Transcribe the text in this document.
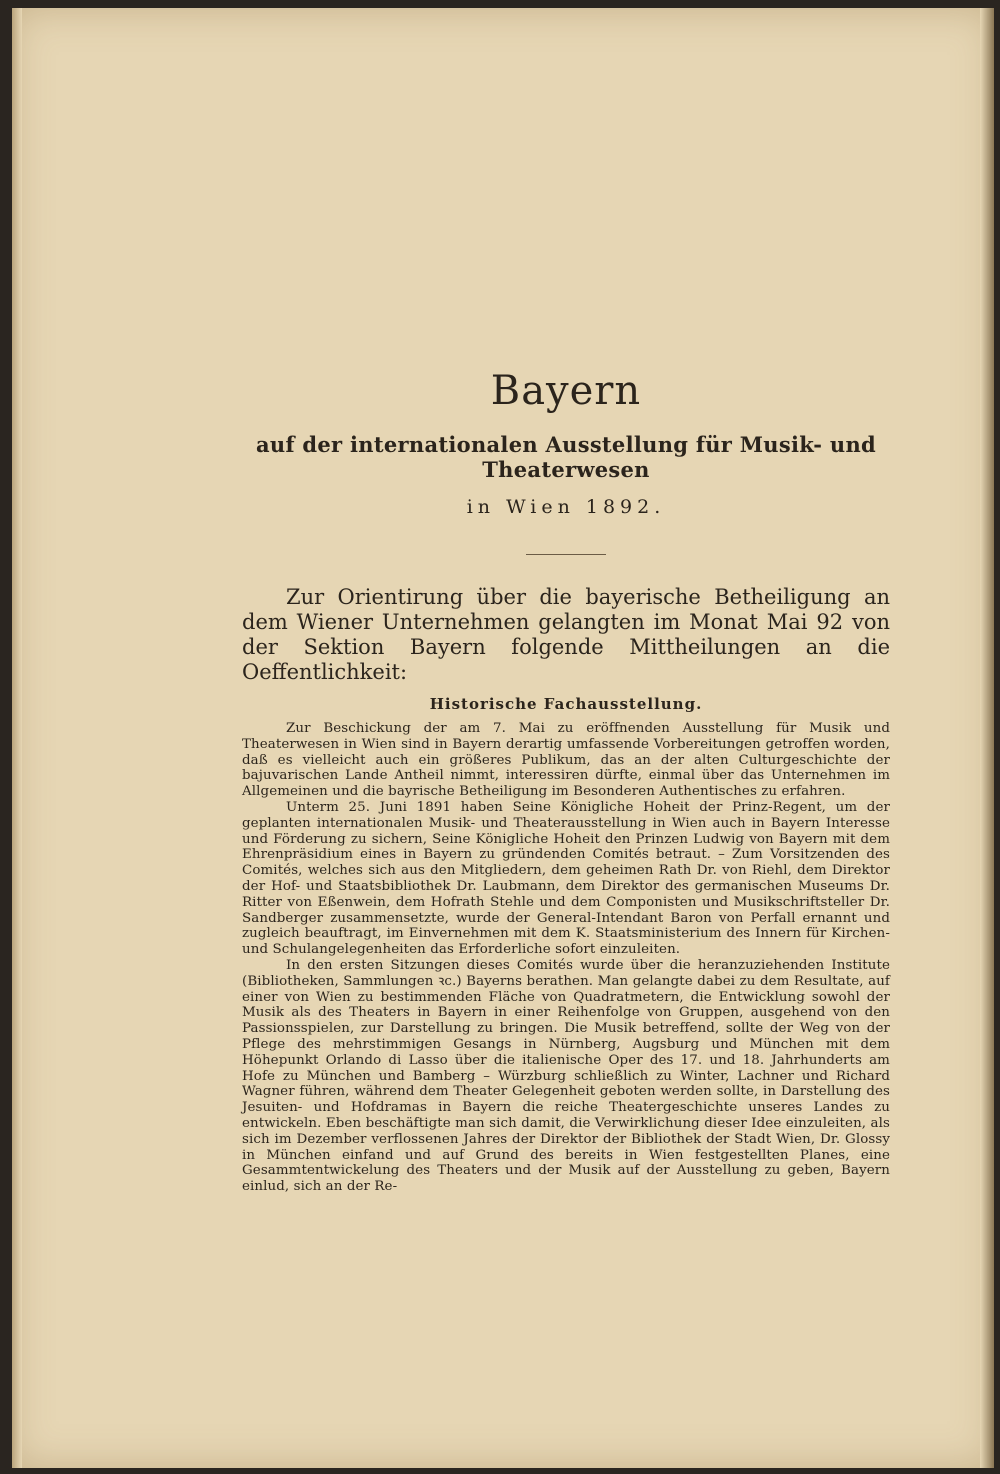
Bayern
auf der internationalen Ausstellung für Musik- und Theaterwesen
in Wien 1892.

Zur Orientirung über die bayerische Betheiligung an dem Wiener Unternehmen gelangten im Monat Mai 92 von der Sektion Bayern folgende Mittheilungen an die Oeffentlichkeit:

Historische Fachausstellung.

Zur Beschickung der am 7. Mai zu eröffnenden Ausstellung für Musik und Theaterwesen in Wien sind in Bayern derartig umfassende Vorbereitungen getroffen worden, daß es vielleicht auch ein größeres Publikum, das an der alten Culturgeschichte der bajuvarischen Lande Antheil nimmt, interessiren dürfte, einmal über das Unternehmen im Allgemeinen und die bayrische Betheiligung im Besonderen Authentisches zu erfahren.

Unterm 25. Juni 1891 haben Seine Königliche Hoheit der Prinz-Regent, um der geplanten internationalen Musik- und Theaterausstellung in Wien auch in Bayern Interesse und Förderung zu sichern, Seine Königliche Hoheit den Prinzen Ludwig von Bayern mit dem Ehrenpräsidium eines in Bayern zu gründenden Comités betraut. – Zum Vorsitzenden des Comités, welches sich aus den Mitgliedern, dem geheimen Rath Dr. von Riehl, dem Direktor der Hof- und Staatsbibliothek Dr. Laubmann, dem Direktor des germanischen Museums Dr. Ritter von Eßenwein, dem Hofrath Stehle und dem Componisten und Musikschriftsteller Dr. Sandberger zusammensetzte, wurde der General-Intendant Baron von Perfall ernannt und zugleich beauftragt, im Einvernehmen mit dem K. Staatsministerium des Innern für Kirchen- und Schulangelegenheiten das Erforderliche sofort einzuleiten.

In den ersten Sitzungen dieses Comités wurde über die heranzuziehenden Institute (Bibliotheken, Sammlungen ꝛc.) Bayerns berathen. Man gelangte dabei zu dem Resultate, auf einer von Wien zu bestimmenden Fläche von Quadratmetern, die Entwicklung sowohl der Musik als des Theaters in Bayern in einer Reihenfolge von Gruppen, ausgehend von den Passionsspielen, zur Darstellung zu bringen. Die Musik betreffend, sollte der Weg von der Pflege des mehrstimmigen Gesangs in Nürnberg, Augsburg und München mit dem Höhepunkt Orlando di Lasso über die italienische Oper des 17. und 18. Jahrhunderts am Hofe zu München und Bamberg – Würzburg schließlich zu Winter, Lachner und Richard Wagner führen, während dem Theater Gelegenheit geboten werden sollte, in Darstellung des Jesuiten- und Hofdramas in Bayern die reiche Theatergeschichte unseres Landes zu entwickeln. Eben beschäftigte man sich damit, die Verwirklichung dieser Idee einzuleiten, als sich im Dezember verflossenen Jahres der Direktor der Bibliothek der Stadt Wien, Dr. Glossy in München einfand und auf Grund des bereits in Wien festgestellten Planes, eine Gesammtentwickelung des Theaters und der Musik auf der Ausstellung zu geben, Bayern einlud, sich an der Re-
